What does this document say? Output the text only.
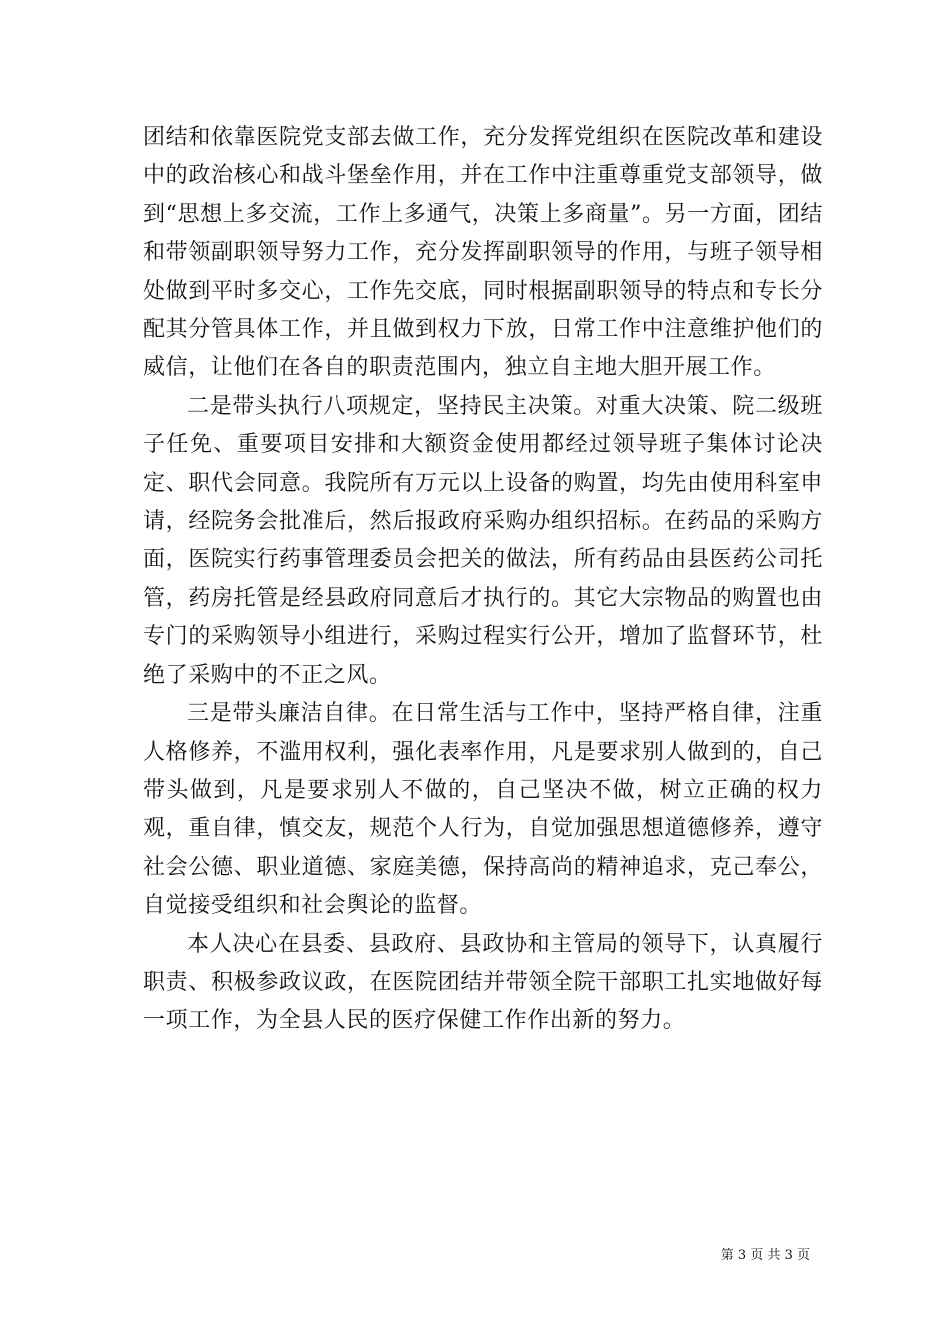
团结和依靠医院党支部去做工作，充分发挥党组织在医院改革和建设中的政治核心和战斗堡垒作用，并在工作中注重尊重党支部领导，做到“思想上多交流，工作上多通气，决策上多商量”。另一方面，团结和带领副职领导努力工作，充分发挥副职领导的作用，与班子领导相处做到平时多交心，工作先交底，同时根据副职领导的特点和专长分配其分管具体工作，并且做到权力下放，日常工作中注意维护他们的威信，让他们在各自的职责范围内，独立自主地大胆开展工作。

二是带头执行八项规定，坚持民主决策。对重大决策、院二级班子任免、重要项目安排和大额资金使用都经过领导班子集体讨论决定、职代会同意。我院所有万元以上设备的购置，均先由使用科室申请，经院务会批准后，然后报政府采购办组织招标。在药品的采购方面，医院实行药事管理委员会把关的做法，所有药品由县医药公司托管，药房托管是经县政府同意后才执行的。其它大宗物品的购置也由专门的采购领导小组进行，采购过程实行公开，增加了监督环节，杜绝了采购中的不正之风。

三是带头廉洁自律。在日常生活与工作中，坚持严格自律，注重人格修养，不滥用权利，强化表率作用，凡是要求别人做到的，自己带头做到，凡是要求别人不做的，自己坚决不做，树立正确的权力观，重自律，慎交友，规范个人行为，自觉加强思想道德修养，遵守社会公德、职业道德、家庭美德，保持高尚的精神追求，克己奉公，自觉接受组织和社会舆论的监督。

本人决心在县委、县政府、县政协和主管局的领导下，认真履行职责、积极参政议政，在医院团结并带领全院干部职工扎实地做好每一项工作，为全县人民的医疗保健工作作出新的努力。

第 3 页 共 3 页
